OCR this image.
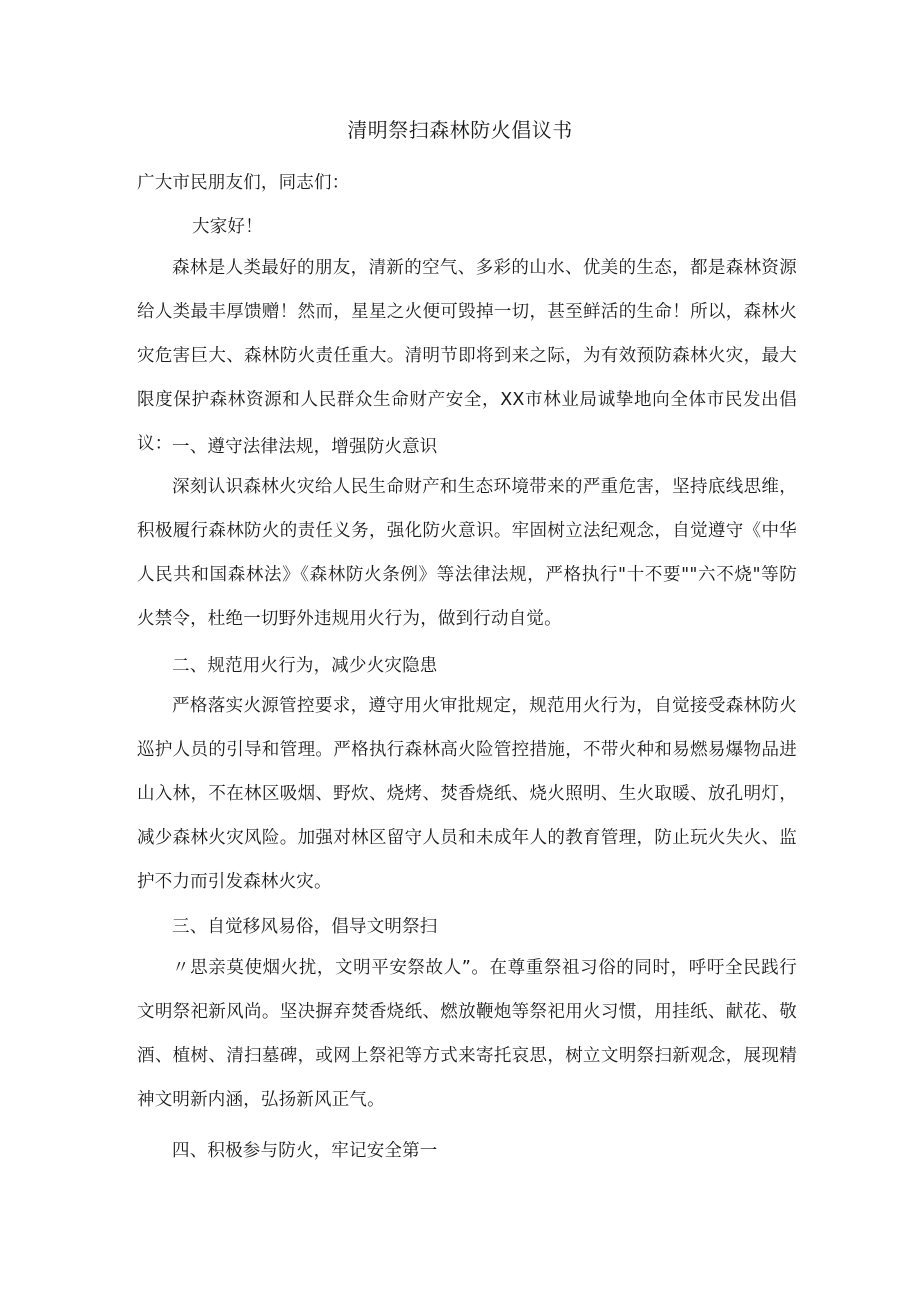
清明祭扫森林防火倡议书
广大市民朋友们，同志们：
大家好！

森林是人类最好的朋友，清新的空气、多彩的山水、优美的生态，都是森林资源给人类最丰厚馈赠！然而，星星之火便可毁掉一切，甚至鲜活的生命！所以，森林火灾危害巨大、森林防火责任重大。清明节即将到来之际，为有效预防森林火灾，最大限度保护森林资源和人民群众生命财产安全，XX市林业局诚挚地向全体市民发出倡议： 一、遵守法律法规，增强防火意识

深刻认识森林火灾给人民生命财产和生态环境带来的严重危害，坚持底线思维，积极履行森林防火的责任义务，强化防火意识。牢固树立法纪观念，自觉遵守《中华人民共和国森林法》《森林防火条例》等法律法规，严格执行"十不要""六不烧"等防火禁令，杜绝一切野外违规用火行为，做到行动自觉。

二、规范用火行为，减少火灾隐患

严格落实火源管控要求，遵守用火审批规定，规范用火行为，自觉接受森林防火巡护人员的引导和管理。严格执行森林高火险管控措施，不带火种和易燃易爆物品进山入林，不在林区吸烟、野炊、烧烤、焚香烧纸、烧火照明、生火取暖、放孔明灯，减少森林火灾风险。加强对林区留守人员和未成年人的教育管理，防止玩火失火、监护不力而引发森林火灾。

三、自觉移风易俗，倡导文明祭扫

〃思亲莫使烟火扰，文明平安祭故人”。在尊重祭祖习俗的同时，呼吁全民践行文明祭祀新风尚。坚决摒弃焚香烧纸、燃放鞭炮等祭祀用火习惯，用挂纸、献花、敬酒、植树、清扫墓碑，或网上祭祀等方式来寄托哀思，树立文明祭扫新观念，展现精神文明新内涵，弘扬新风正气。

四、积极参与防火，牢记安全第一
